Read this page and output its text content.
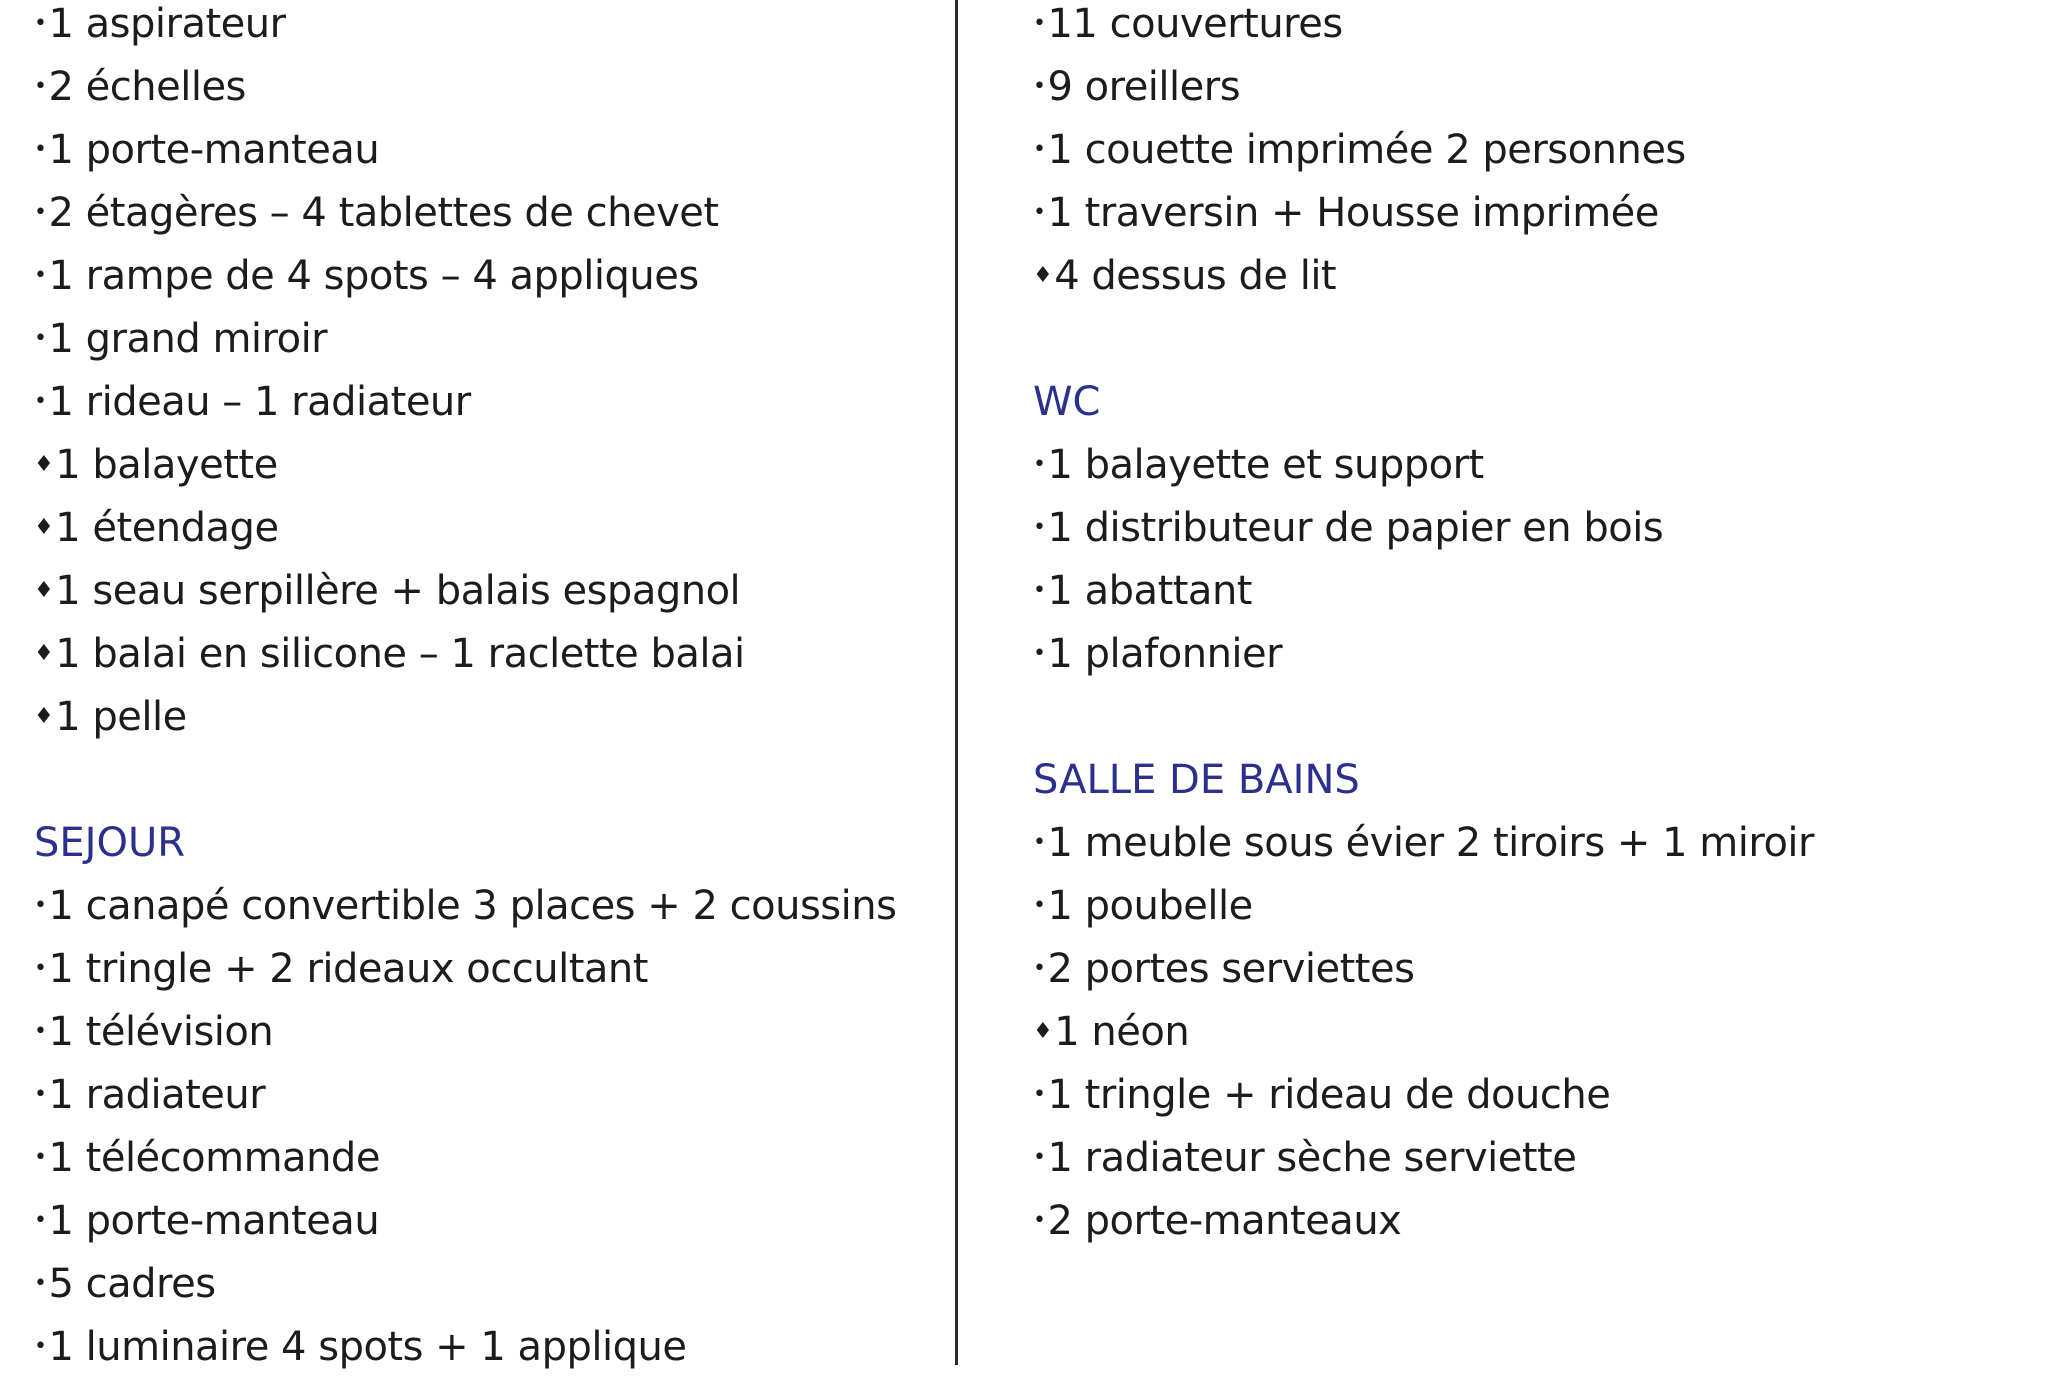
•1 aspirateur
•2 échelles
•1 porte-manteau
•2 étagères – 4 tablettes de chevet
•1 rampe de 4 spots – 4 appliques
•1 grand miroir
•1 rideau – 1 radiateur
♦1 balayette
♦1 étendage
♦1 seau serpillère + balais espagnol
♦1 balai en silicone – 1 raclette balai
♦1 pelle
SEJOUR
•1 canapé convertible 3 places + 2 coussins
•1 tringle + 2 rideaux occultant
•1 télévision
•1 radiateur
•1 télécommande
•1 porte-manteau
•5 cadres
•1 luminaire 4 spots + 1 applique
•11 couvertures
•9 oreillers
•1 couette imprimée 2 personnes
•1 traversin + Housse imprimée
♦4 dessus de lit
WC
•1 balayette et support
•1 distributeur de papier en bois
•1 abattant
•1 plafonnier
SALLE DE BAINS
•1 meuble sous évier 2 tiroirs + 1 miroir
•1 poubelle
•2 portes serviettes
♦1 néon
•1 tringle + rideau de douche
•1 radiateur sèche serviette
•2 porte-manteaux
